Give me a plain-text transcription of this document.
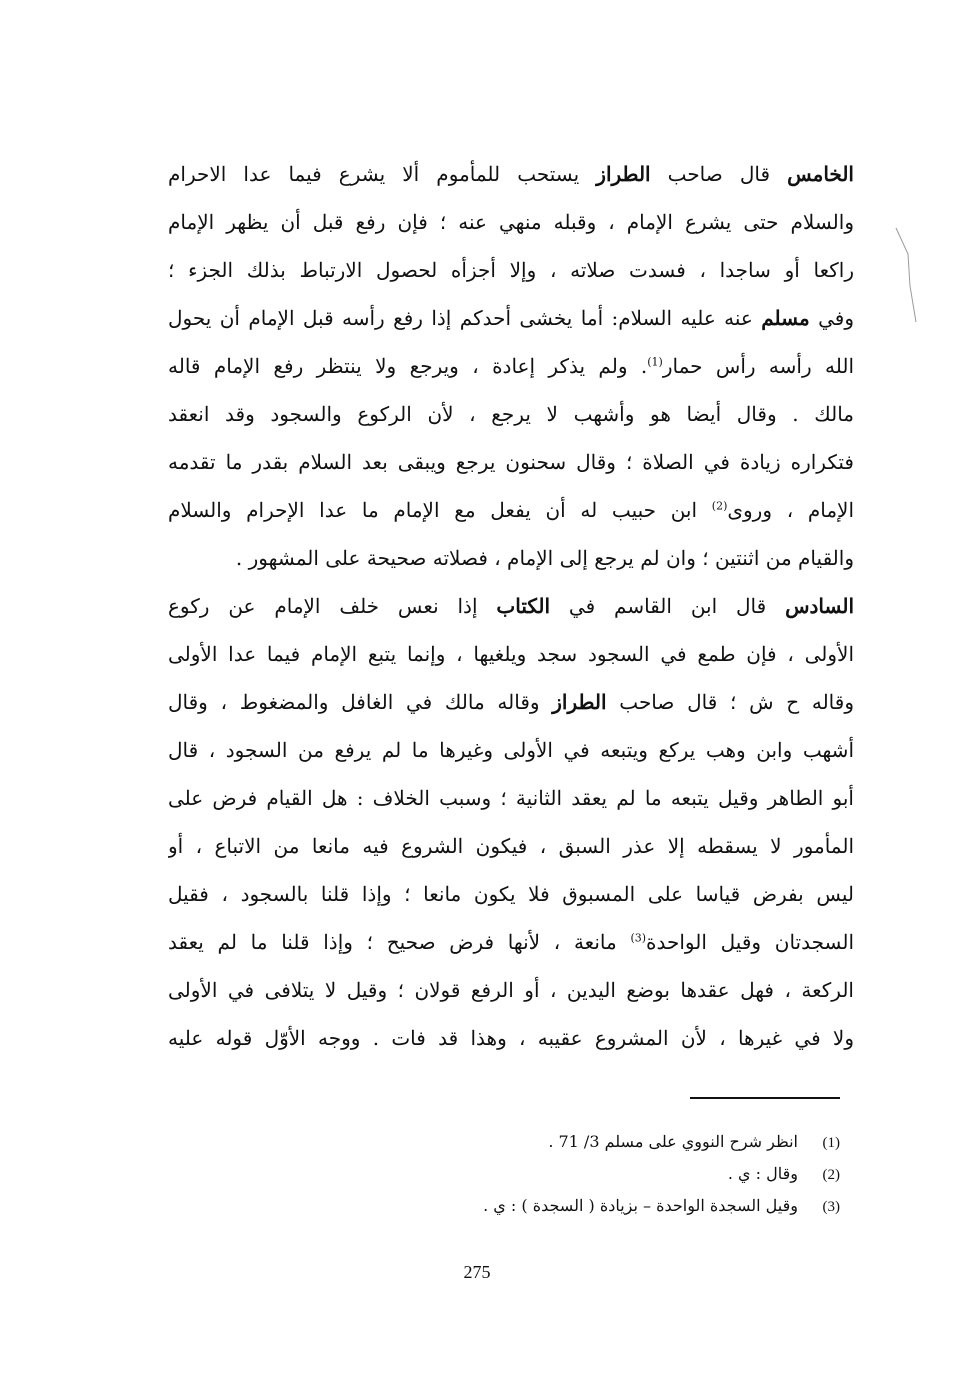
الخامس قال صاحب الطراز يستحب للمأموم ألا يشرع فيما عدا الاحرام
والسلام حتى يشرع الإمام ، وقبله منهي عنه ؛ فإن رفع قبل أن يظهر الإمام
راكعا أو ساجدا ، فسدت صلاته ، وإلا أجزأه لحصول الارتباط بذلك الجزء ؛
وفي مسلم عنه عليه السلام: أما يخشى أحدكم إذا رفع رأسه قبل الإمام أن يحول
الله رأسه رأس حمار$^{(1)}$. ولم يذكر إعادة ، ويرجع ولا ينتظر رفع الإمام قاله
مالك . وقال أيضا هو وأشهب لا يرجع ، لأن الركوع والسجود وقد انعقد
فتكراره زيادة في الصلاة ؛ وقال سحنون يرجع ويبقى بعد السلام بقدر ما تقدمه
الإمام ، وروى$^{(2)}$ ابن حبيب له أن يفعل مع الإمام ما عدا الإحرام والسلام
والقيام من اثنتين ؛ وان لم يرجع إلى الإمام ، فصلاته صحيحة على المشهور .
السادس قال ابن القاسم في الكتاب إذا نعس خلف الإمام عن ركوع
الأولى ، فإن طمع في السجود سجد ويلغيها ، وإنما يتبع الإمام فيما عدا الأولى
وقاله ح ش ؛ قال صاحب الطراز وقاله مالك في الغافل والمضغوط ، وقال
أشهب وابن وهب يركع ويتبعه في الأولى وغيرها ما لم يرفع من السجود ، قال
أبو الطاهر وقيل يتبعه ما لم يعقد الثانية ؛ وسبب الخلاف : هل القيام فرض على
المأمور لا يسقطه إلا عذر السبق ، فيكون الشروع فيه مانعا من الاتباع ، أو
ليس بفرض قياسا على المسبوق فلا يكون مانعا ؛ وإذا قلنا بالسجود ، فقيل
السجدتان وقيل الواحدة$^{(3)}$ مانعة ، لأنها فرض صحيح ؛ وإذا قلنا ما لم يعقد
الركعة ، فهل عقدها بوضع اليدين ، أو الرفع قولان ؛ وقيل لا يتلافى في الأولى
ولا في غيرها ، لأن المشروع عقيبه ، وهذا قد فات . ووجه الأوّل قوله عليه
(1)
انظر شرح النووي على مسلم 3/ 71 .
(2)
وقال : ي .
(3)
وقيل السجدة الواحدة – بزيادة ( السجدة ) : ي .
275
